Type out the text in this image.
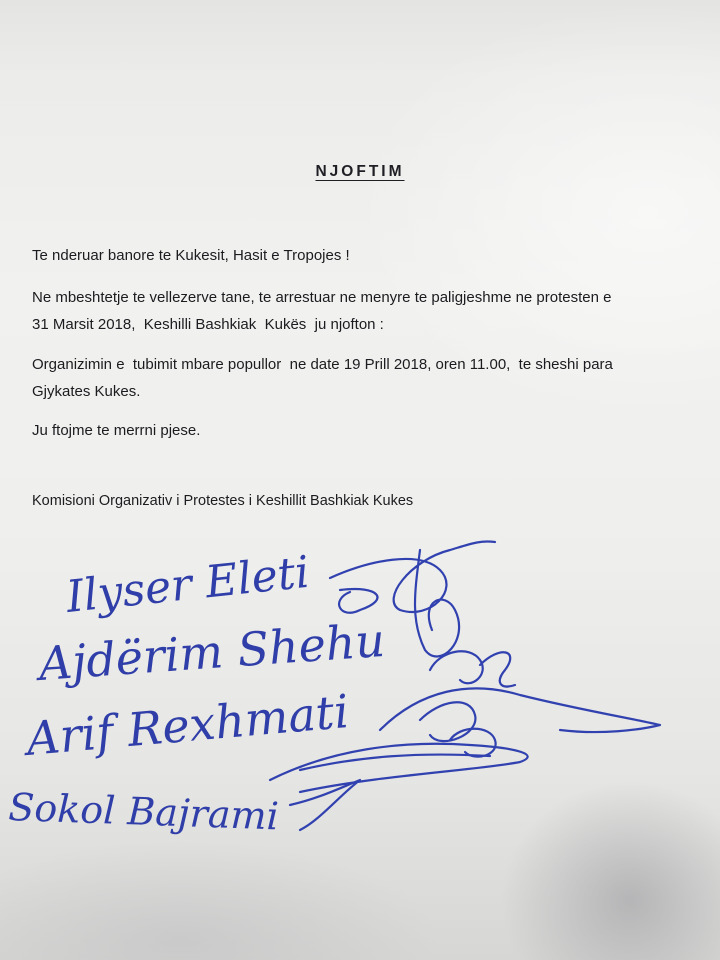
NJOFTIM

Te nderuar banore te Kukesit, Hasit e Tropojes !

Ne mbeshtetje te vellezerve tane, te arrestuar ne menyre te paligjeshme ne protesten e
31 Marsit 2018,  Keshilli Bashkiak  Kukës  ju njofton :

Organizimin e  tubimit mbare popullor  ne date 19 Prill 2018, oren 11.00,  te sheshi para
Gjykates Kukes.

Ju ftojme te merrni pjese.

Komisioni Organizativ i Protestes i Keshillit Bashkiak Kukes
Ilyser Eleti
Ajdërim Shehu
Arif Rexhmati
Sokol Bajrami
